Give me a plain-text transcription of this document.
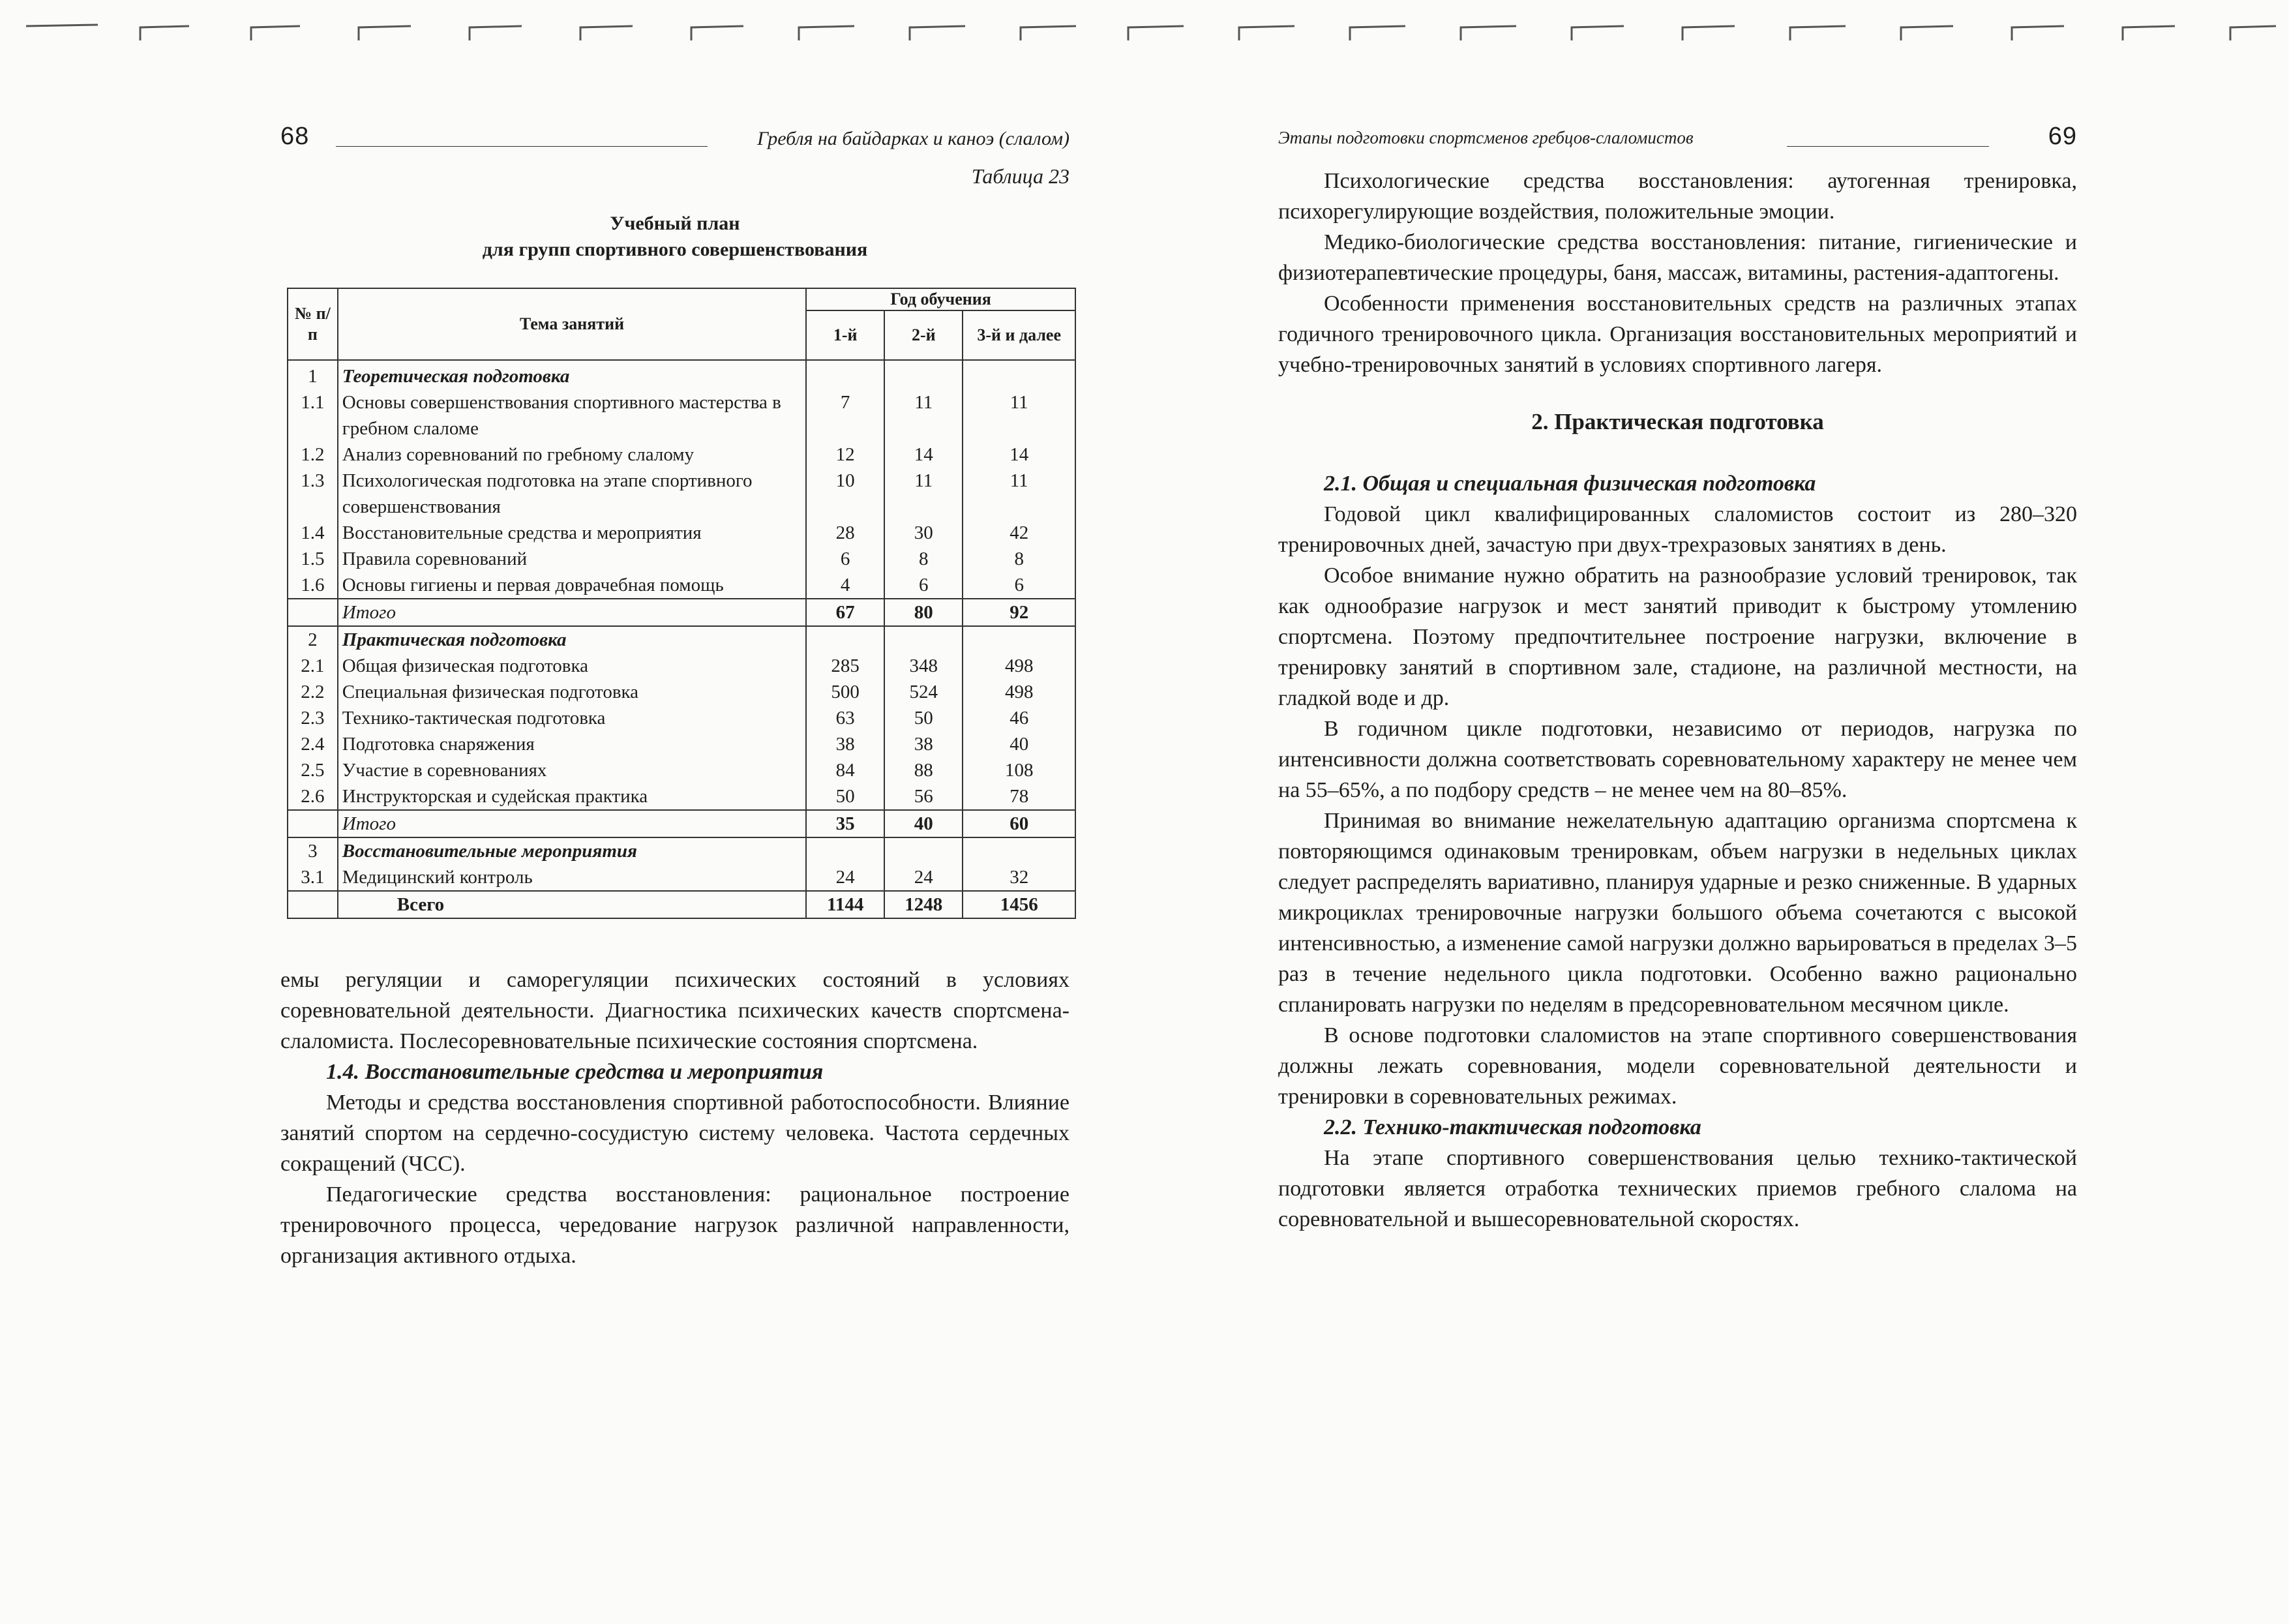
68	Гребля на байдарках и каноэ (слалом)
Таблица 23
Учебный план
для групп спортивного совершенствования
№ п/п	Тема занятий	Год обучения		
		1-й	2-й	3-й и далее
1	Теоретическая подготовка			
1.1	Основы совершенствования спортивного мастерства в гребном слаломе	7	11	11
1.2	Анализ соревнований по гребному слалому	12	14	14
1.3	Психологическая подготовка на этапе спортивного совершенствования	10	11	11
1.4	Восстановительные средства и мероприятия	28	30	42
1.5	Правила соревнований	6	8	8
1.6	Основы гигиены и первая доврачебная помощь	4	6	6
	Итого	67	80	92
2	Практическая подготовка			
2.1	Общая физическая подготовка	285	348	498
2.2	Специальная физическая подготовка	500	524	498
2.3	Технико-тактическая подготовка	63	50	46
2.4	Подготовка снаряжения	38	38	40
2.5	Участие в соревнованиях	84	88	108
2.6	Инструкторская и судейская практика	50	56	78
	Итого	35	40	60
3	Восстановительные мероприятия			
3.1	Медицинский контроль	24	24	32
	Всего	1144	1248	1456

емы регуляции и саморегуляции психических состояний в условиях соревновательной деятельности. Диагностика психических качеств спортсмена-слаломиста. Послесоревновательные психические состояния спортсмена.

1.4. Восстановительные средства и мероприятия

Методы и средства восстановления спортивной работоспособности. Влияние занятий спортом на сердечно-сосудистую систему человека. Частота сердечных сокращений (ЧСС).

Педагогические средства восстановления: рациональное построение тренировочного процесса, чередование нагрузок различной направленности, организация активного отдыха.

Этапы подготовки спортсменов гребцов-слаломистов	69

Психологические средства восстановления: аутогенная тренировка, психорегулирующие воздействия, положительные эмоции.

Медико-биологические средства восстановления: питание, гигиенические и физиотерапевтические процедуры, баня, массаж, витамины, растения-адаптогены.

Особенности применения восстановительных средств на различных этапах годичного тренировочного цикла. Организация восстановительных мероприятий и учебно-тренировочных занятий в условиях спортивного лагеря.

2. Практическая подготовка
2.1. Общая и специальная физическая подготовка

Годовой цикл квалифицированных слаломистов состоит из 280–320 тренировочных дней, зачастую при двух-трехразовых занятиях в день.

Особое внимание нужно обратить на разнообразие условий тренировок, так как однообразие нагрузок и мест занятий приводит к быстрому утомлению спортсмена. Поэтому предпочтительнее построение нагрузки, включение в тренировку занятий в спортивном зале, стадионе, на различной местности, на гладкой воде и др.

В годичном цикле подготовки, независимо от периодов, нагрузка по интенсивности должна соответствовать соревновательному характеру не менее чем на 55–65%, а по подбору средств – не менее чем на 80–85%.

Принимая во внимание нежелательную адаптацию организма спортсмена к повторяющимся одинаковым тренировкам, объем нагрузки в недельных циклах следует распределять вариативно, планируя ударные и резко сниженные. В ударных микроциклах тренировочные нагрузки большого объема сочетаются с высокой интенсивностью, а изменение самой нагрузки должно варьироваться в пределах 3–5 раз в течение недельного цикла подготовки. Особенно важно рационально спланировать нагрузки по неделям в предсоревновательном месячном цикле.

В основе подготовки слаломистов на этапе спортивного совершенствования должны лежать соревнования, модели соревновательной деятельности и тренировки в соревновательных режимах.

2.2. Технико-тактическая подготовка

На этапе спортивного совершенствования целью технико-тактической подготовки является отработка технических приемов гребного слалома на соревновательной и вышесоревновательной скоростях.
